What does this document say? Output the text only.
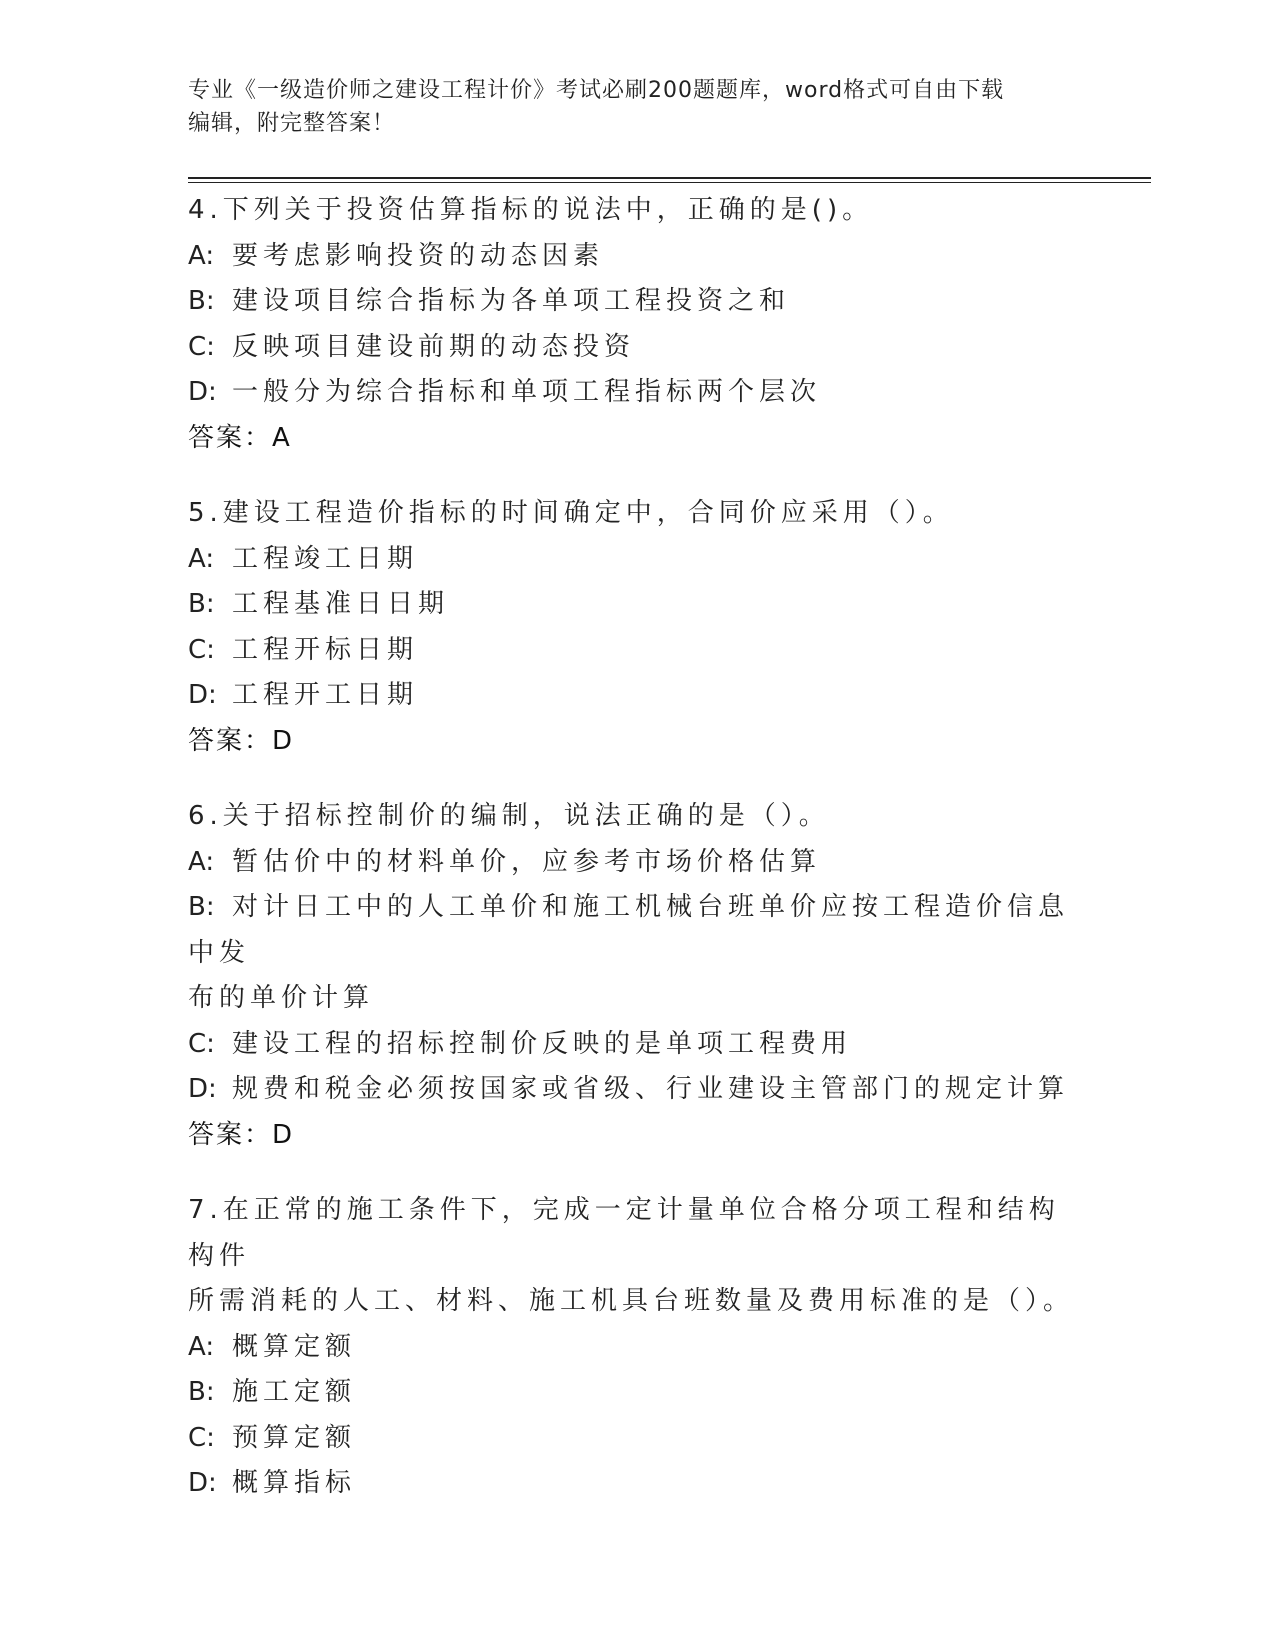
专业《一级造价师之建设工程计价》考试必刷200题题库，word格式可自由下载
编辑，附完整答案！
4.下列关于投资估算指标的说法中，正确的是()。
A: 要考虑影响投资的动态因素
B: 建设项目综合指标为各单项工程投资之和
C: 反映项目建设前期的动态投资
D: 一般分为综合指标和单项工程指标两个层次
答案：A
5.建设工程造价指标的时间确定中，合同价应采用（）。
A: 工程竣工日期
B: 工程基准日日期
C: 工程开标日期
D: 工程开工日期
答案：D
6.关于招标控制价的编制，说法正确的是（）。
A: 暂估价中的材料单价，应参考市场价格估算
B: 对计日工中的人工单价和施工机械台班单价应按工程造价信息中发
布的单价计算
C: 建设工程的招标控制价反映的是单项工程费用
D: 规费和税金必须按国家或省级、行业建设主管部门的规定计算
答案：D
7.在正常的施工条件下，完成一定计量单位合格分项工程和结构构件
所需消耗的人工、材料、施工机具台班数量及费用标准的是（）。
A: 概算定额
B: 施工定额
C: 预算定额
D: 概算指标
